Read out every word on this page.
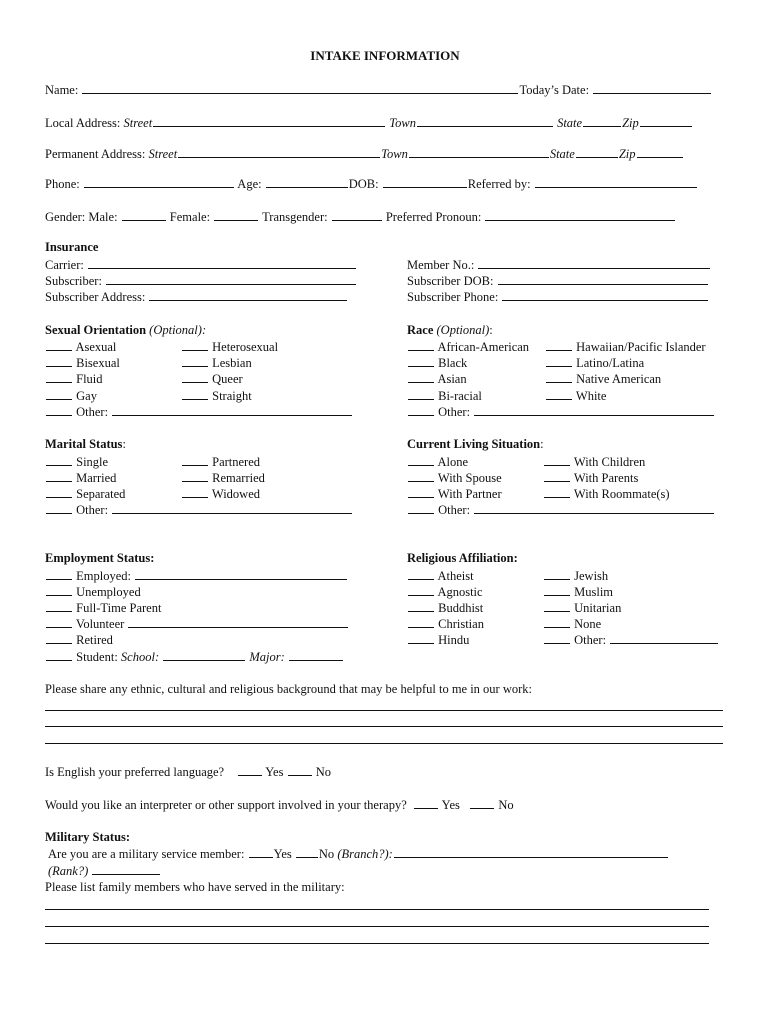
INTAKE INFORMATION
Name:	Today’s Date:
Local Address: Street	Town	State	Zip
Permanent Address: Street	Town	State	Zip
Phone:	Age:	DOB:	Referred by:
Gender: Male:	Female:	Transgender:	Preferred Pronoun:
Insurance
Carrier:
Subscriber:
Subscriber Address:
Member No.:
Subscriber DOB:
Subscriber Phone:
Sexual Orientation (Optional):
Asexual
Bisexual
Fluid
Gay
Heterosexual
Lesbian
Queer
Straight
Other:
Race (Optional):
African-American
Black
Asian
Bi-racial
Hawaiian/Pacific Islander
Latino/Latina
Native American
White
Other:
Marital Status:
Single
Married
Separated
Partnered
Remarried
Widowed
Other:
Current Living Situation:
Alone
With Spouse
With Partner
With Children
With Parents
With Roommate(s)
Other:
Employment Status:
Employed:
Unemployed
Full-Time Parent
Volunteer
Retired
Student: School:	Major:
Religious Affiliation:
Atheist
Agnostic
Buddhist
Christian
Hindu
Jewish
Muslim
Unitarian
None
Other:
Please share any ethnic, cultural and religious background that may be helpful to me in our work:
Is English your preferred language?	Yes	No
Would you like an interpreter or other support involved in your therapy?	Yes	No
Military Status:
Are you are a military service member: Yes No (Branch?):
(Rank?)
Please list family members who have served in the military:
